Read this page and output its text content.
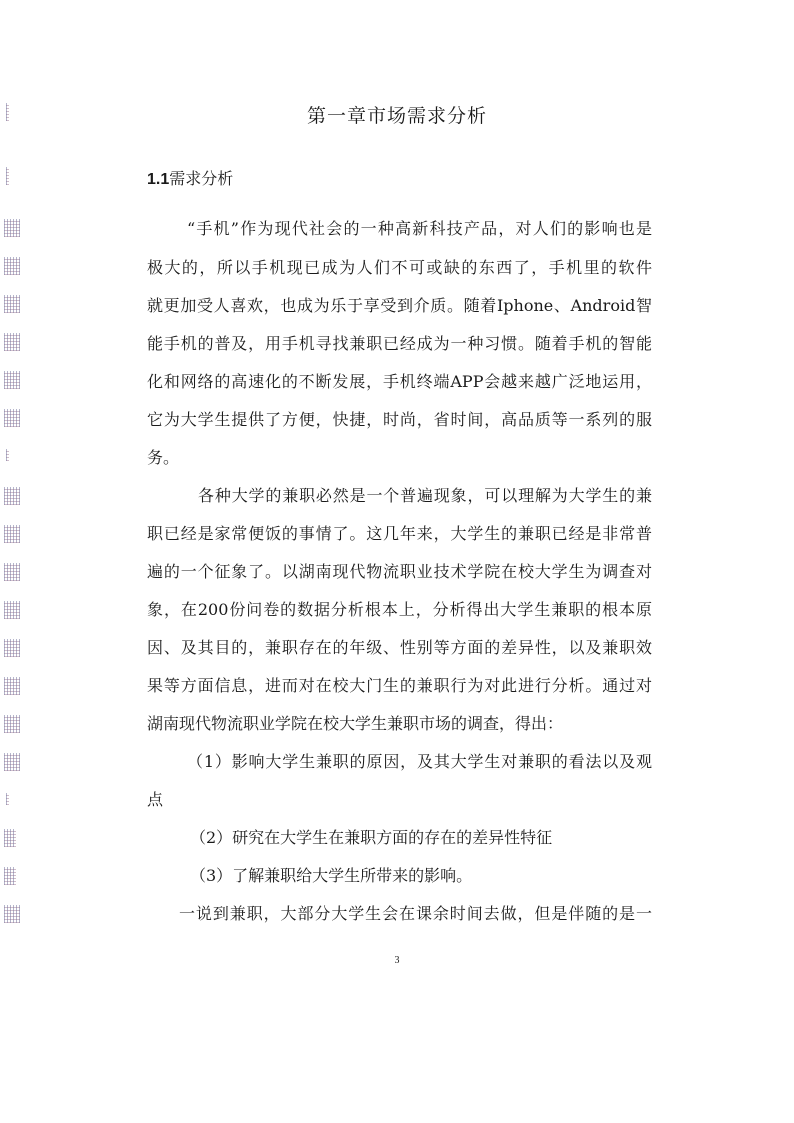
第一章市场需求分析
1.1需求分析
“手机”作为现代社会的一种高新科技产品，对人们的影响也是
极大的，所以手机现已成为人们不可或缺的东西了，手机里的软件
就更加受人喜欢，也成为乐于享受到介质。随着Iphone、Android智
能手机的普及，用手机寻找兼职已经成为一种习惯。随着手机的智能
化和网络的高速化的不断发展，手机终端APP会越来越广泛地运用，
它为大学生提供了方便，快捷，时尚，省时间，高品质等一系列的服
务。
各种大学的兼职必然是一个普遍现象，可以理解为大学生的兼
职已经是家常便饭的事情了。这几年来，大学生的兼职已经是非常普
遍的一个征象了。以湖南现代物流职业技术学院在校大学生为调查对
象，在200份问卷的数据分析根本上，分析得出大学生兼职的根本原
因、及其目的，兼职存在的年级、性别等方面的差异性，以及兼职效
果等方面信息，进而对在校大门生的兼职行为对此进行分析。通过对
湖南现代物流职业学院在校大学生兼职市场的调查，得出：
（1）影响大学生兼职的原因，及其大学生对兼职的看法以及观
点
（2）研究在大学生在兼职方面的存在的差异性特征
（3）了解兼职给大学生所带来的影响。
一说到兼职，大部分大学生会在课余时间去做，但是伴随的是一
3
